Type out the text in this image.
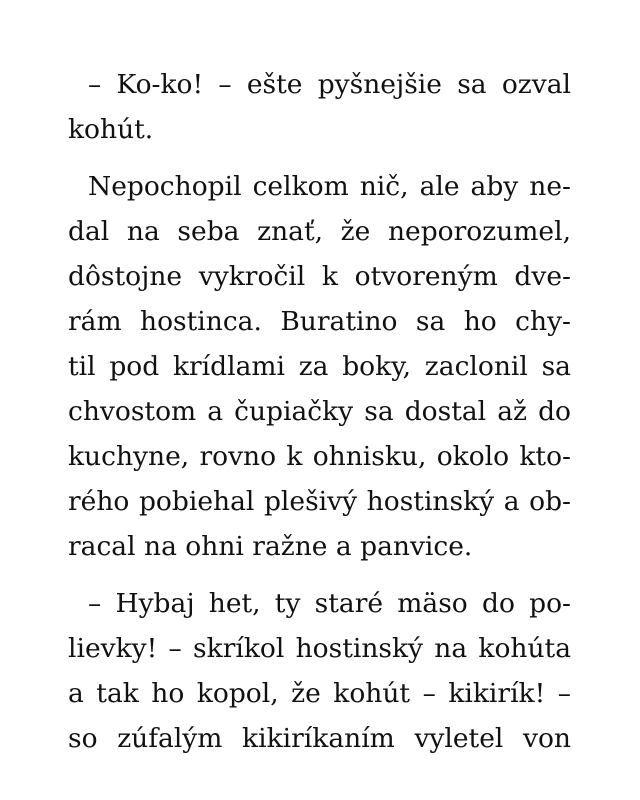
– Ko-ko! – ešte pyšnejšie sa ozval
kohút.
Nepochopil celkom nič, ale aby ne-
dal na seba znať, že neporozumel,
dôstojne vykročil k otvoreným dve-
rám hostinca. Buratino sa ho chy-
til pod krídlami za boky, zaclonil sa
chvostom a čupiačky sa dostal až do
kuchyne, rovno k ohnisku, okolo kto-
rého pobiehal plešivý hostinský a ob-
racal na ohni ražne a panvice.
– Hybaj het, ty staré mäso do po-
lievky! – skríkol hostinský na kohúta
a tak ho kopol, že kohút – kikirík! –
so zúfalým kikiríkaním vyletel von
